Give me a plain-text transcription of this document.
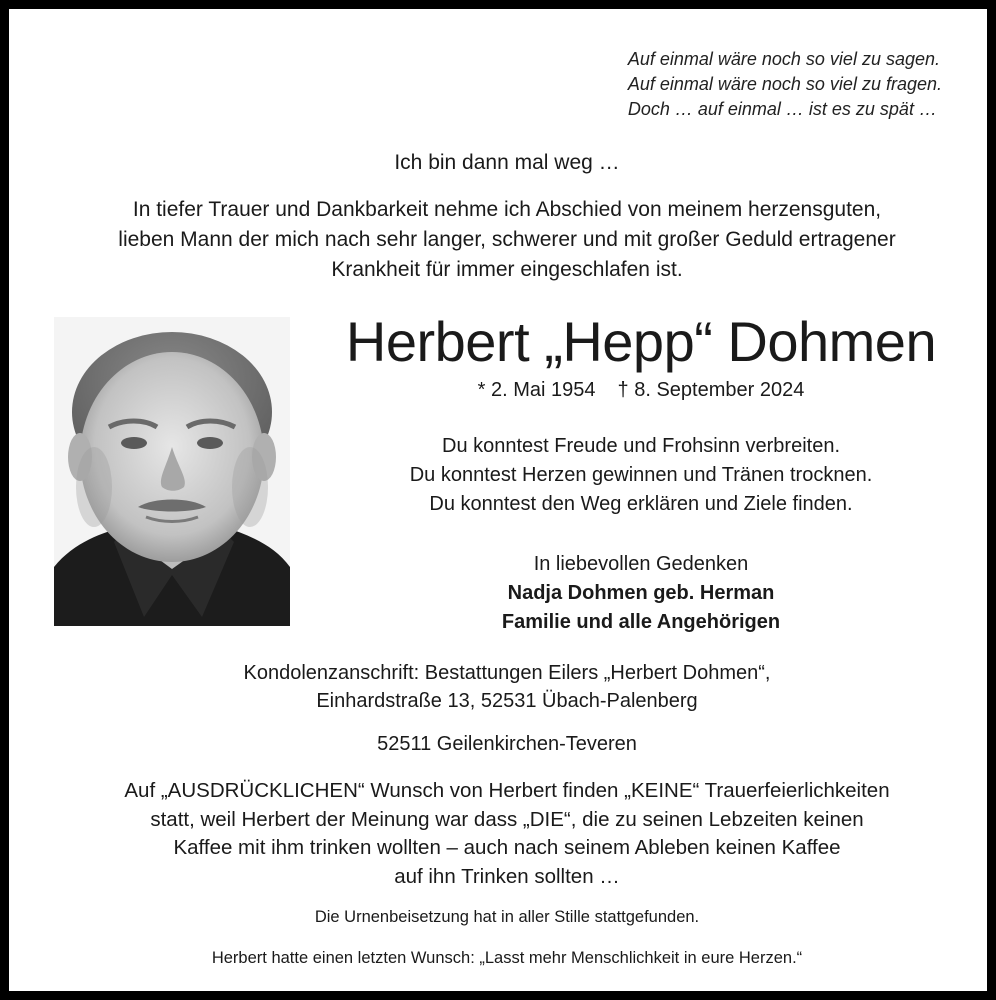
Auf einmal wäre noch so viel zu sagen.
Auf einmal wäre noch so viel zu fragen.
Doch … auf einmal … ist es zu spät …
Ich bin dann mal weg …
In tiefer Trauer und Dankbarkeit nehme ich Abschied von meinem herzensguten,
lieben Mann der mich nach sehr langer, schwerer und mit großer Geduld ertragener
Krankheit für immer eingeschlafen ist.
Herbert „Hepp“ Dohmen
* 2. Mai 1954 † 8. September 2024
Du konntest Freude und Frohsinn verbreiten.
Du konntest Herzen gewinnen und Tränen trocknen.
Du konntest den Weg erklären und Ziele finden.
In liebevollen Gedenken
Nadja Dohmen geb. Herman
Familie und alle Angehörigen
Kondolenzanschrift: Bestattungen Eilers „Herbert Dohmen“,
Einhardstraße 13, 52531 Übach-Palenberg
52511 Geilenkirchen-Teveren
Auf „AUSDRÜCKLICHEN“ Wunsch von Herbert finden „KEINE“ Trauerfeierlichkeiten
statt, weil Herbert der Meinung war dass „DIE“, die zu seinen Lebzeiten keinen
Kaffee mit ihm trinken wollten – auch nach seinem Ableben keinen Kaffee
auf ihn Trinken sollten …
Die Urnenbeisetzung hat in aller Stille stattgefunden.
Herbert hatte einen letzten Wunsch: „Lasst mehr Menschlichkeit in eure Herzen.“
